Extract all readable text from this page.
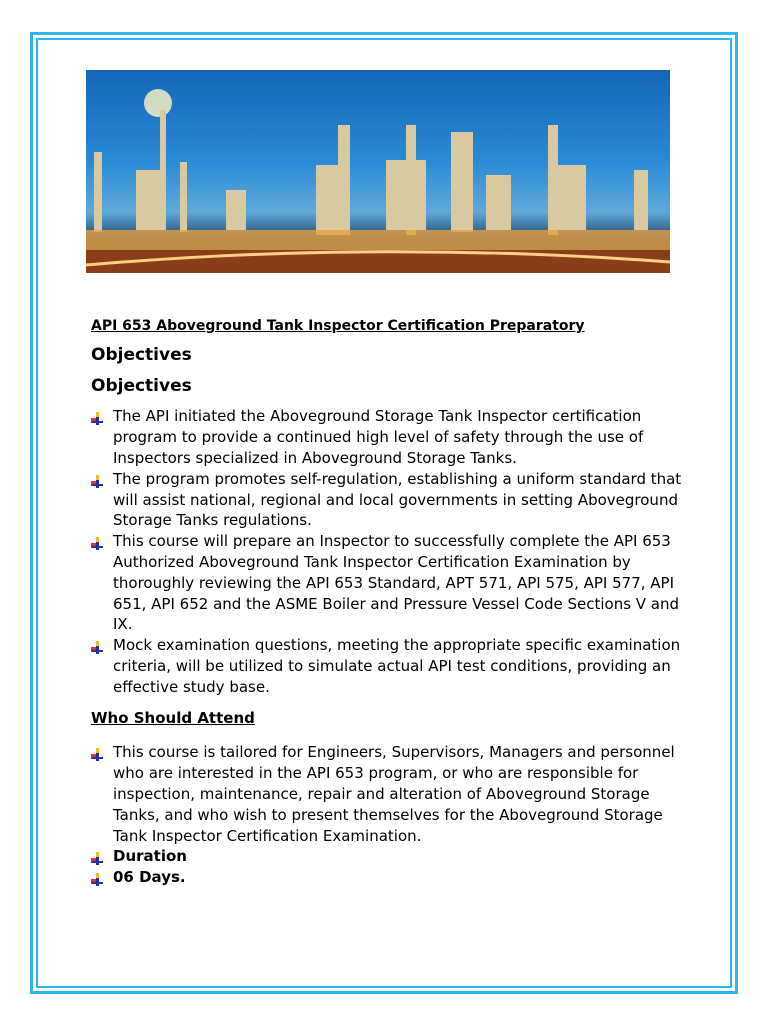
API 653 Aboveground Tank Inspector Certification Preparatory
Objectives
Objectives
The API initiated the Aboveground Storage Tank Inspector certification program to provide a continued high level of safety through the use of Inspectors specialized in Aboveground Storage Tanks.
The program promotes self-regulation, establishing a uniform standard that will assist national, regional and local governments in setting Aboveground Storage Tanks regulations.
This course will prepare an Inspector to successfully complete the API 653 Authorized Aboveground Tank Inspector Certification Examination by thoroughly reviewing the API 653 Standard, APT 571, API 575, API 577, API 651, API 652 and the ASME Boiler and Pressure Vessel Code Sections V and IX.
Mock examination questions, meeting the appropriate specific examination criteria, will be utilized to simulate actual API test conditions, providing an effective study base.
Who Should Attend
This course is tailored for Engineers, Supervisors, Managers and personnel who are interested in the API 653 program, or who are responsible for inspection, maintenance, repair and alteration of Aboveground Storage Tanks, and who wish to present themselves for the Aboveground Storage Tank Inspector Certification Examination.
Duration
06 Days.
